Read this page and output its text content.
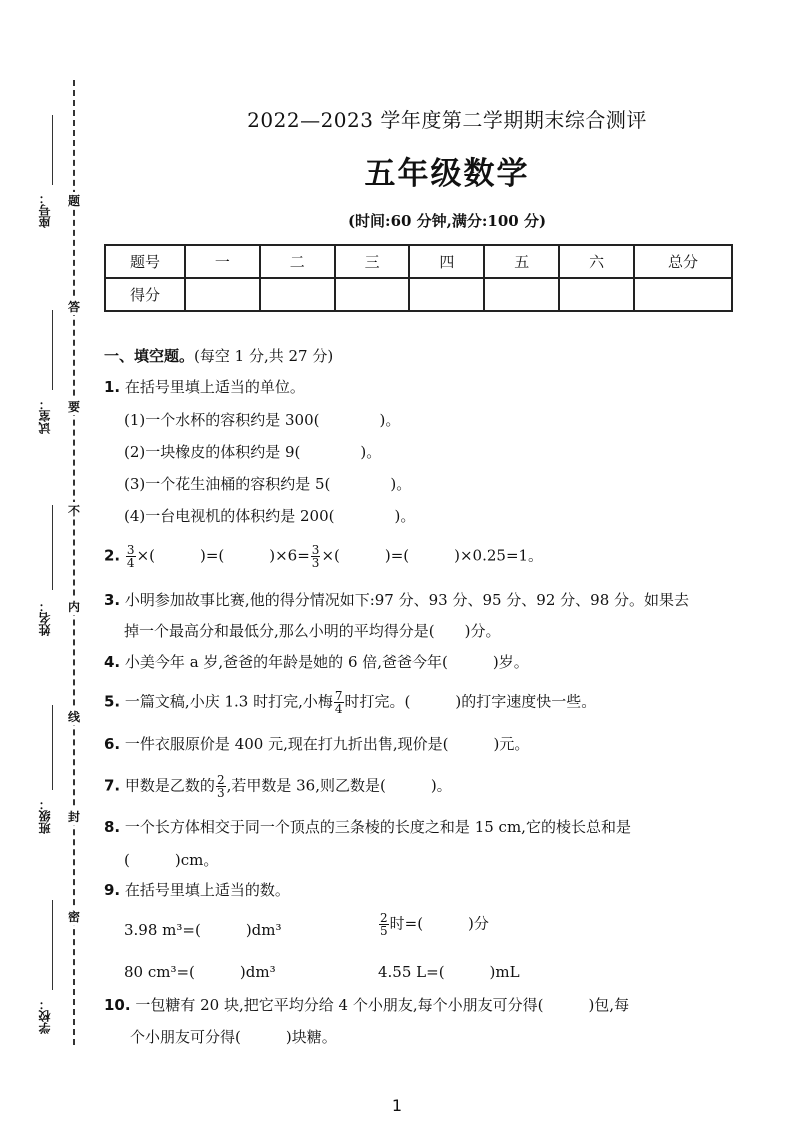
座号：
试室：
姓名：
班级：
学校：
题
答
要
不
内
线
封
密
2022—2023 学年度第二学期期末综合测评
五年级数学
(时间:60 分钟,满分:100 分)
题号	一	二	三	四	五	六	总分
得分							
一、填空题。(每空 1 分,共 27 分)
1. 在括号里填上适当的单位。
(1)一个水杯的容积约是 300(　　　　)。
(2)一块橡皮的体积约是 9(　　　　)。
(3)一个花生油桶的容积约是 5(　　　　)。
(4)一台电视机的体积约是 200(　　　　)。
2. $\frac{3}{4}$ ×(　　　)=(　　　)$\times 6= \frac{3}{3}$ ×(　　　)=(　　　)×0.25=1。
3. 小明参加故事比赛,他的得分情况如下:97 分、93 分、95 分、92 分、98 分。如果去
掉一个最高分和最低分,那么小明的平均得分是(　　)分。
4. 小美今年 a 岁,爸爸的年龄是她的 6 倍,爸爸今年(　　　)岁。
5. 一篇文稿,小庆 1.3 时打完,小梅 $\frac{7}{4}$ 时打完。(　　　)的打字速度快一些。
6. 一件衣服原价是 400 元,现在打九折出售,现价是(　　　)元。
7. 甲数是乙数的 $\frac{2}{3}$ ,若甲数是 36,则乙数是(　　　)。
8. 一个长方体相交于同一个顶点的三条棱的长度之和是 15 cm,它的棱长总和是
(　　　)cm。
9. 在括号里填上适当的数。
3.98 m³=(　　　)dm³	$\frac{2}{5}$ 时=(　　　)分
80 cm³=(　　　)dm³	4.55 L=(　　　)mL
10. 一包糖有 20 块,把它平均分给 4 个小朋友,每个小朋友可分得(　　　)包,每
个小朋友可分得(　　　)块糖。
1
